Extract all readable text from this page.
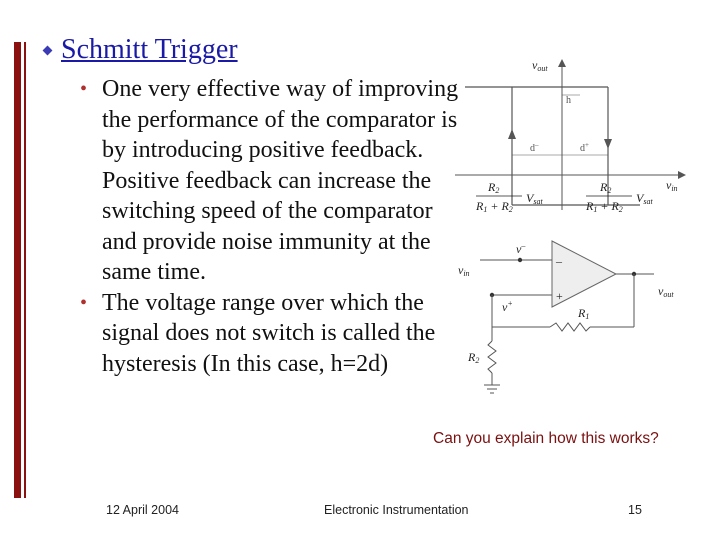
Schmitt Trigger
• One very effective way of improving the performance of the comparator is by introducing positive feedback. Positive feedback can increase the switching speed of the comparator and provide noise immunity at the same time.
• The voltage range over which the signal does not switch is called the hysteresis (In this case, h=2d)
vout
h
d–	d+
vin
R2
R1 + R2
Vsat
R2
R1 + R2
Vsat
v–
v+
–
+
vin
vout
R1
R2
Can you explain how this works?
12 April 2004	Electronic Instrumentation	15
